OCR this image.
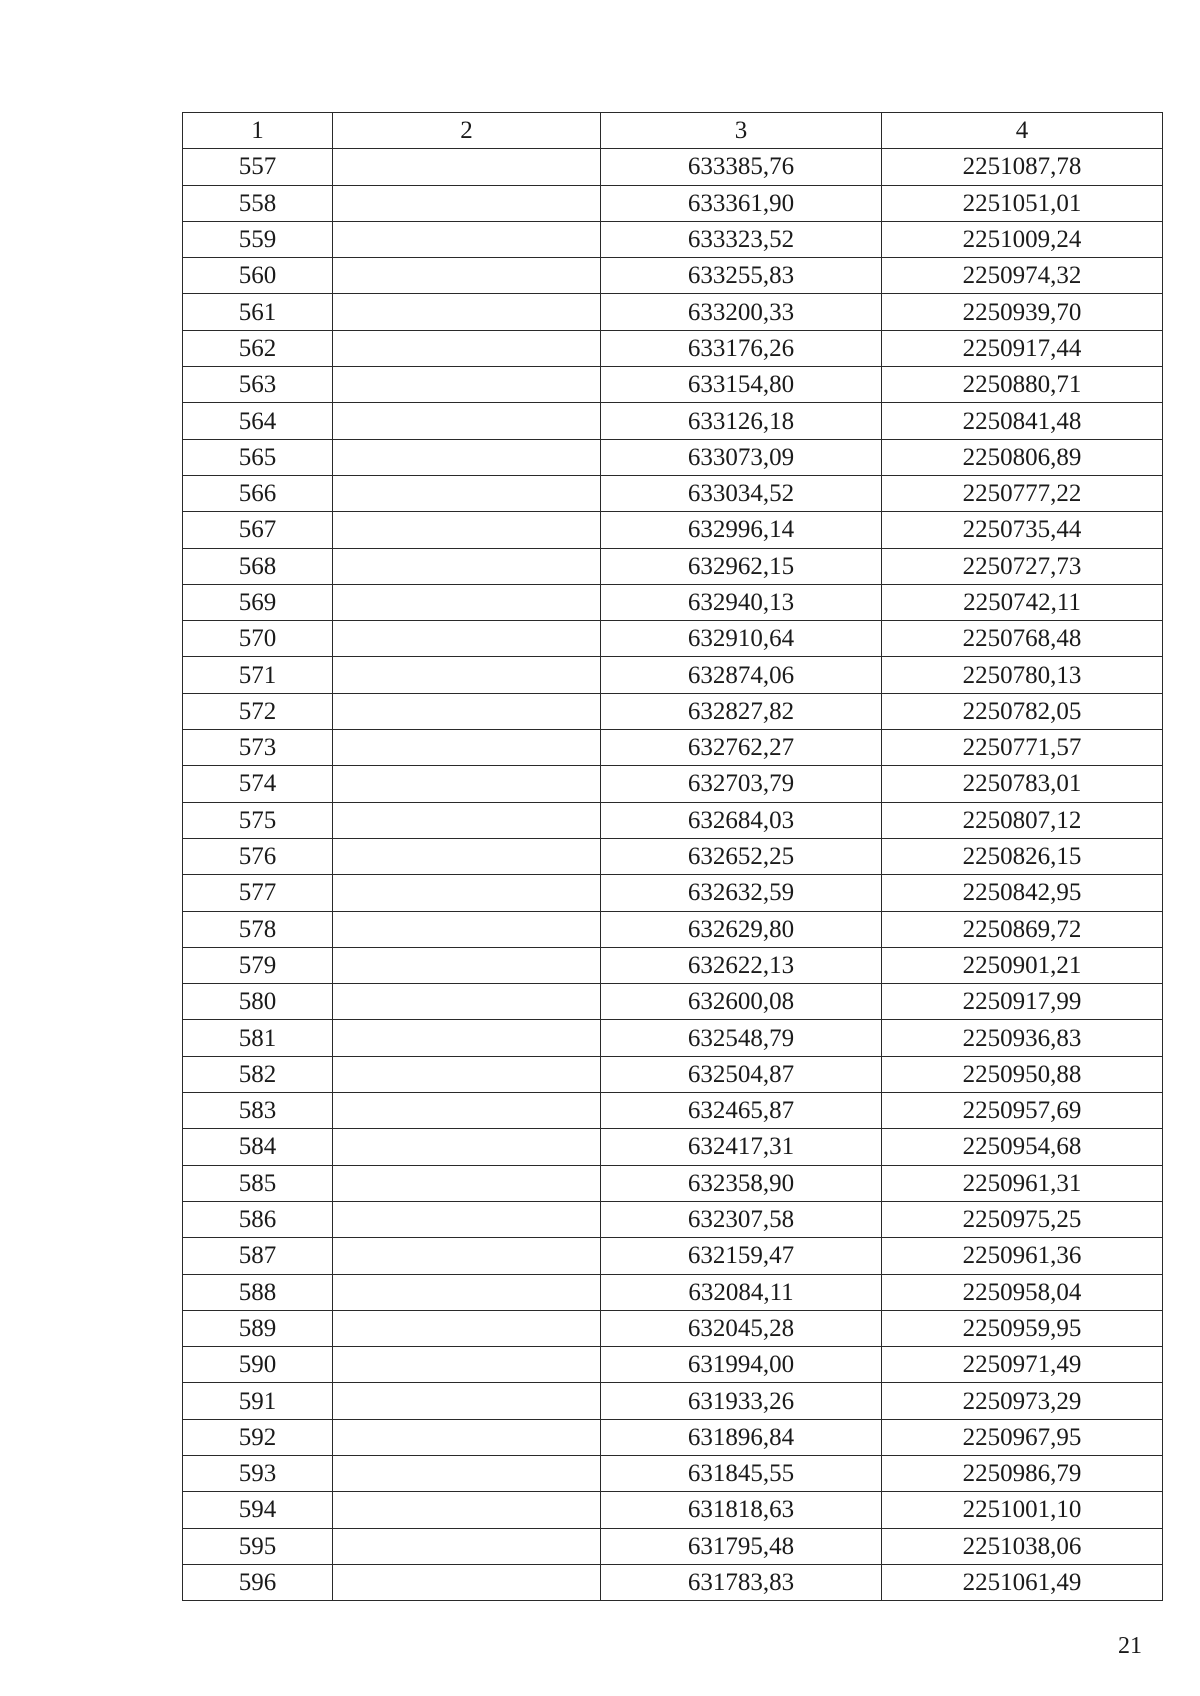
1	2	3	4
557		633385,76	2251087,78
558		633361,90	2251051,01
559		633323,52	2251009,24
560		633255,83	2250974,32
561		633200,33	2250939,70
562		633176,26	2250917,44
563		633154,80	2250880,71
564		633126,18	2250841,48
565		633073,09	2250806,89
566		633034,52	2250777,22
567		632996,14	2250735,44
568		632962,15	2250727,73
569		632940,13	2250742,11
570		632910,64	2250768,48
571		632874,06	2250780,13
572		632827,82	2250782,05
573		632762,27	2250771,57
574		632703,79	2250783,01
575		632684,03	2250807,12
576		632652,25	2250826,15
577		632632,59	2250842,95
578		632629,80	2250869,72
579		632622,13	2250901,21
580		632600,08	2250917,99
581		632548,79	2250936,83
582		632504,87	2250950,88
583		632465,87	2250957,69
584		632417,31	2250954,68
585		632358,90	2250961,31
586		632307,58	2250975,25
587		632159,47	2250961,36
588		632084,11	2250958,04
589		632045,28	2250959,95
590		631994,00	2250971,49
591		631933,26	2250973,29
592		631896,84	2250967,95
593		631845,55	2250986,79
594		631818,63	2251001,10
595		631795,48	2251038,06
596		631783,83	2251061,49
21
